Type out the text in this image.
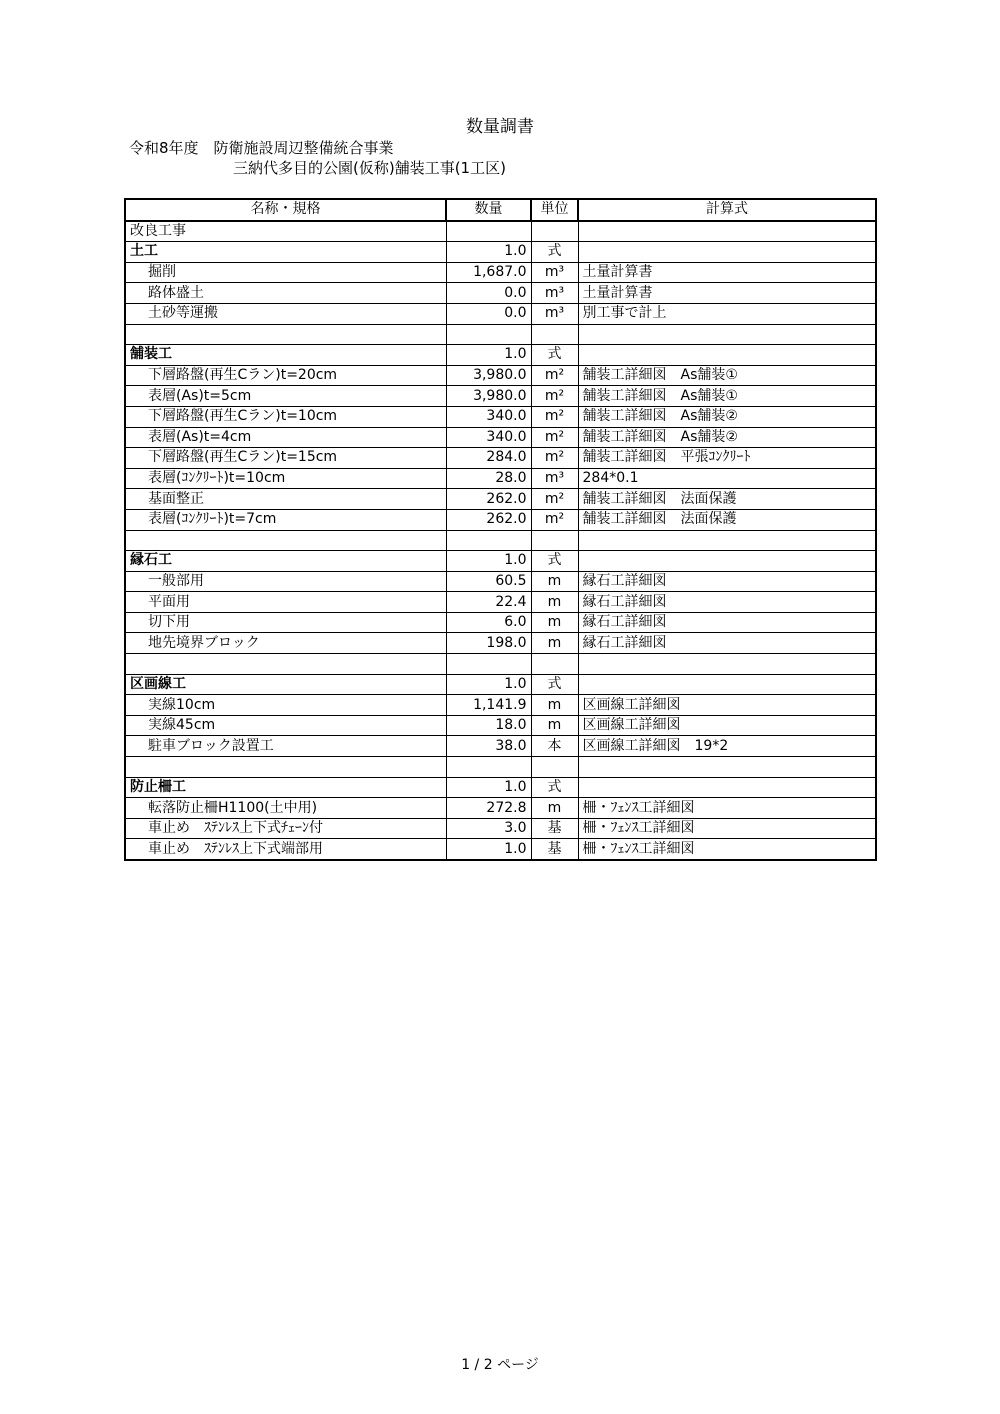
数量調書
令和8年度　防衛施設周辺整備統合事業
三納代多目的公園(仮称)舗装工事(1工区)
名称・規格	数量	単位	計算式
改良工事			
土工	1.0	式	
掘削	1,687.0	m³	土量計算書
路体盛土	0.0	m³	土量計算書
土砂等運搬	0.0	m³	別工事で計上

舗装工	1.0	式	
下層路盤(再生Cラン)t=20cm	3,980.0	m²	舗装工詳細図　As舗装①
表層(As)t=5cm	3,980.0	m²	舗装工詳細図　As舗装①
下層路盤(再生Cラン)t=10cm	340.0	m²	舗装工詳細図　As舗装②
表層(As)t=4cm	340.0	m²	舗装工詳細図　As舗装②
下層路盤(再生Cラン)t=15cm	284.0	m²	舗装工詳細図　平張ｺﾝｸﾘｰﾄ
表層(ｺﾝｸﾘｰﾄ)t=10cm	28.0	m³	284*0.1
基面整正	262.0	m²	舗装工詳細図　法面保護
表層(ｺﾝｸﾘｰﾄ)t=7cm	262.0	m²	舗装工詳細図　法面保護

縁石工	1.0	式	
一般部用	60.5	m	縁石工詳細図
平面用	22.4	m	縁石工詳細図
切下用	6.0	m	縁石工詳細図
地先境界ブロック	198.0	m	縁石工詳細図

区画線工	1.0	式	
実線10cm	1,141.9	m	区画線工詳細図
実線45cm	18.0	m	区画線工詳細図
駐車ブロック設置工	38.0	本	区画線工詳細図　19*2

防止柵工	1.0	式	
転落防止柵H1100(土中用)	272.8	m	柵・ﾌｪﾝｽ工詳細図
車止め　ｽﾃﾝﾚｽ上下式ﾁｪｰﾝ付	3.0	基	柵・ﾌｪﾝｽ工詳細図
車止め　ｽﾃﾝﾚｽ上下式端部用	1.0	基	柵・ﾌｪﾝｽ工詳細図
1 / 2 ページ
